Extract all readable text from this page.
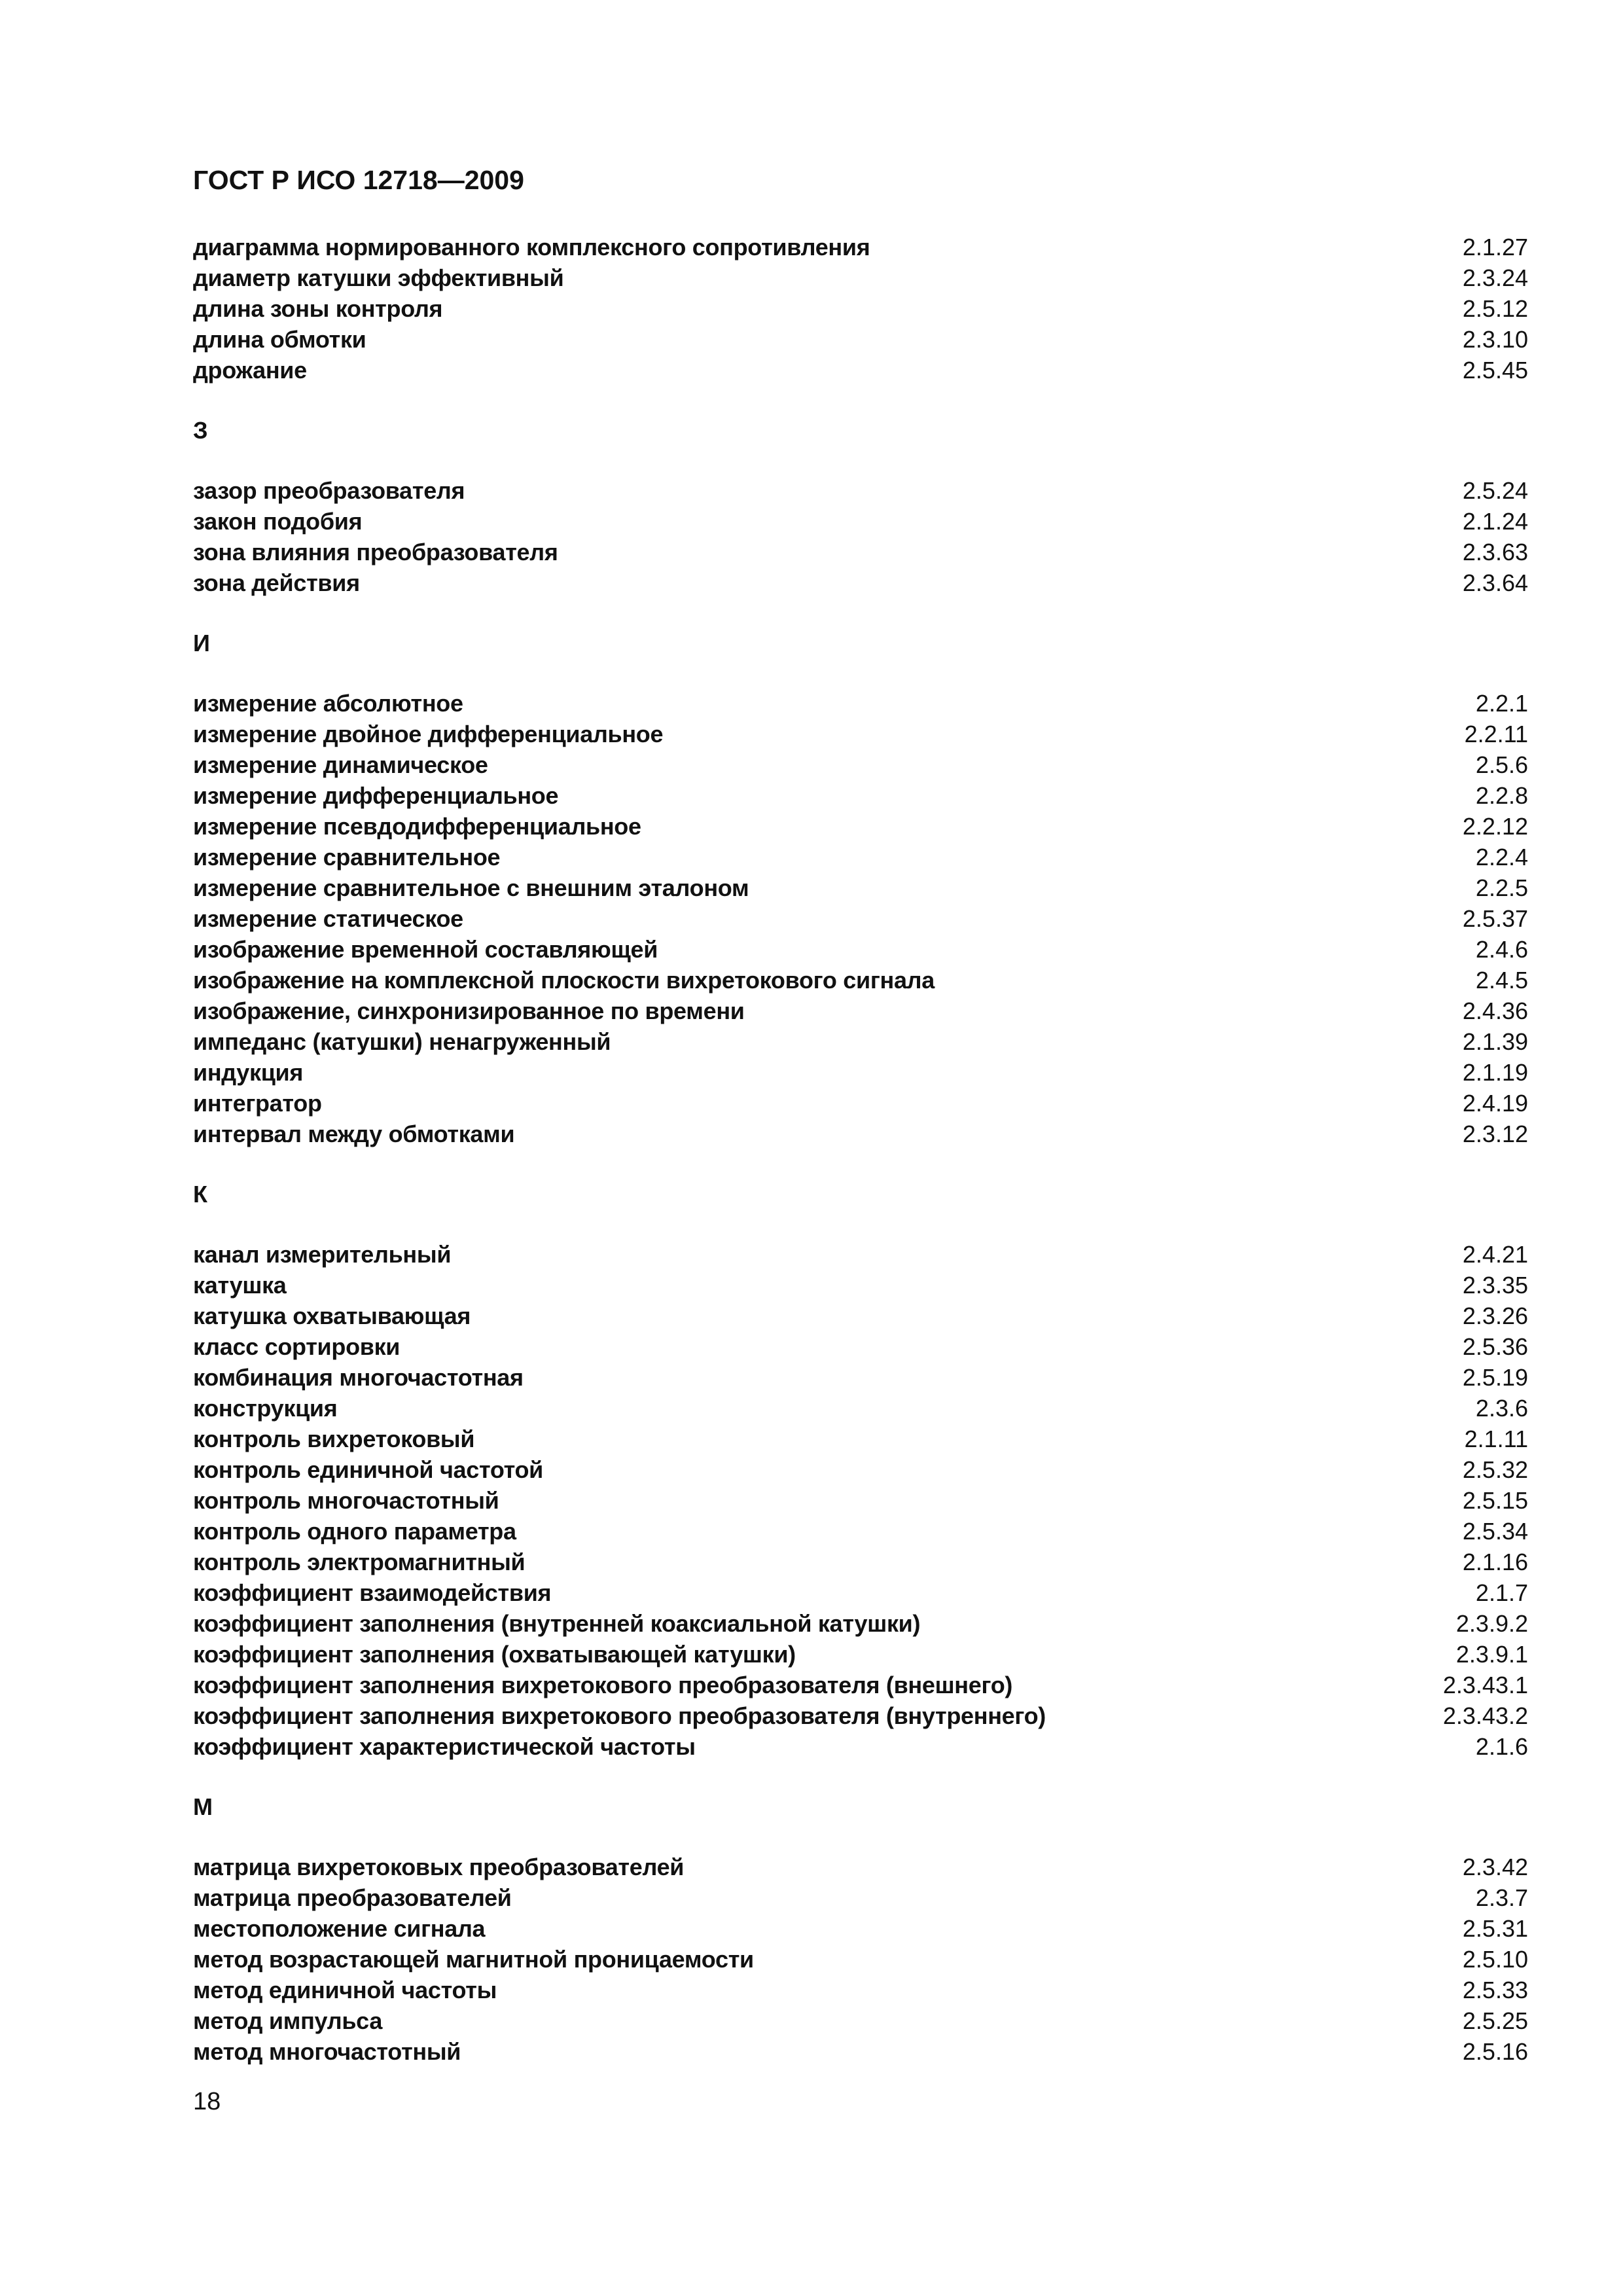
ГОСТ Р ИСО 12718—2009
диаграмма нормированного комплексного сопротивления	2.1.27
диаметр катушки эффективный	2.3.24
длина зоны контроля	2.5.12
длина обмотки	2.3.10
дрожание	2.5.45
З
зазор преобразователя	2.5.24
закон подобия	2.1.24
зона влияния преобразователя	2.3.63
зона действия	2.3.64
И
измерение абсолютное	2.2.1
измерение двойное дифференциальное	2.2.11
измерение динамическое	2.5.6
измерение дифференциальное	2.2.8
измерение псевдодифференциальное	2.2.12
измерение сравнительное	2.2.4
измерение сравнительное с внешним эталоном	2.2.5
измерение статическое	2.5.37
изображение временной составляющей	2.4.6
изображение на комплексной плоскости вихретокового сигнала	2.4.5
изображение, синхронизированное по времени	2.4.36
импеданс (катушки) ненагруженный	2.1.39
индукция	2.1.19
интегратор	2.4.19
интервал между обмотками	2.3.12
К
канал измерительный	2.4.21
катушка	2.3.35
катушка охватывающая	2.3.26
класс сортировки	2.5.36
комбинация многочастотная	2.5.19
конструкция	2.3.6
контроль вихретоковый	2.1.11
контроль единичной частотой	2.5.32
контроль многочастотный	2.5.15
контроль одного параметра	2.5.34
контроль электромагнитный	2.1.16
коэффициент взаимодействия	2.1.7
коэффициент заполнения (внутренней коаксиальной катушки)	2.3.9.2
коэффициент заполнения (охватывающей катушки)	2.3.9.1
коэффициент заполнения вихретокового преобразователя (внешнего)	2.3.43.1
коэффициент заполнения вихретокового преобразователя (внутреннего)	2.3.43.2
коэффициент характеристической частоты	2.1.6
М
матрица вихретоковых преобразователей	2.3.42
матрица преобразователей	2.3.7
местоположение сигнала	2.5.31
метод возрастающей магнитной проницаемости	2.5.10
метод единичной частоты	2.5.33
метод импульса	2.5.25
метод многочастотный	2.5.16
18
